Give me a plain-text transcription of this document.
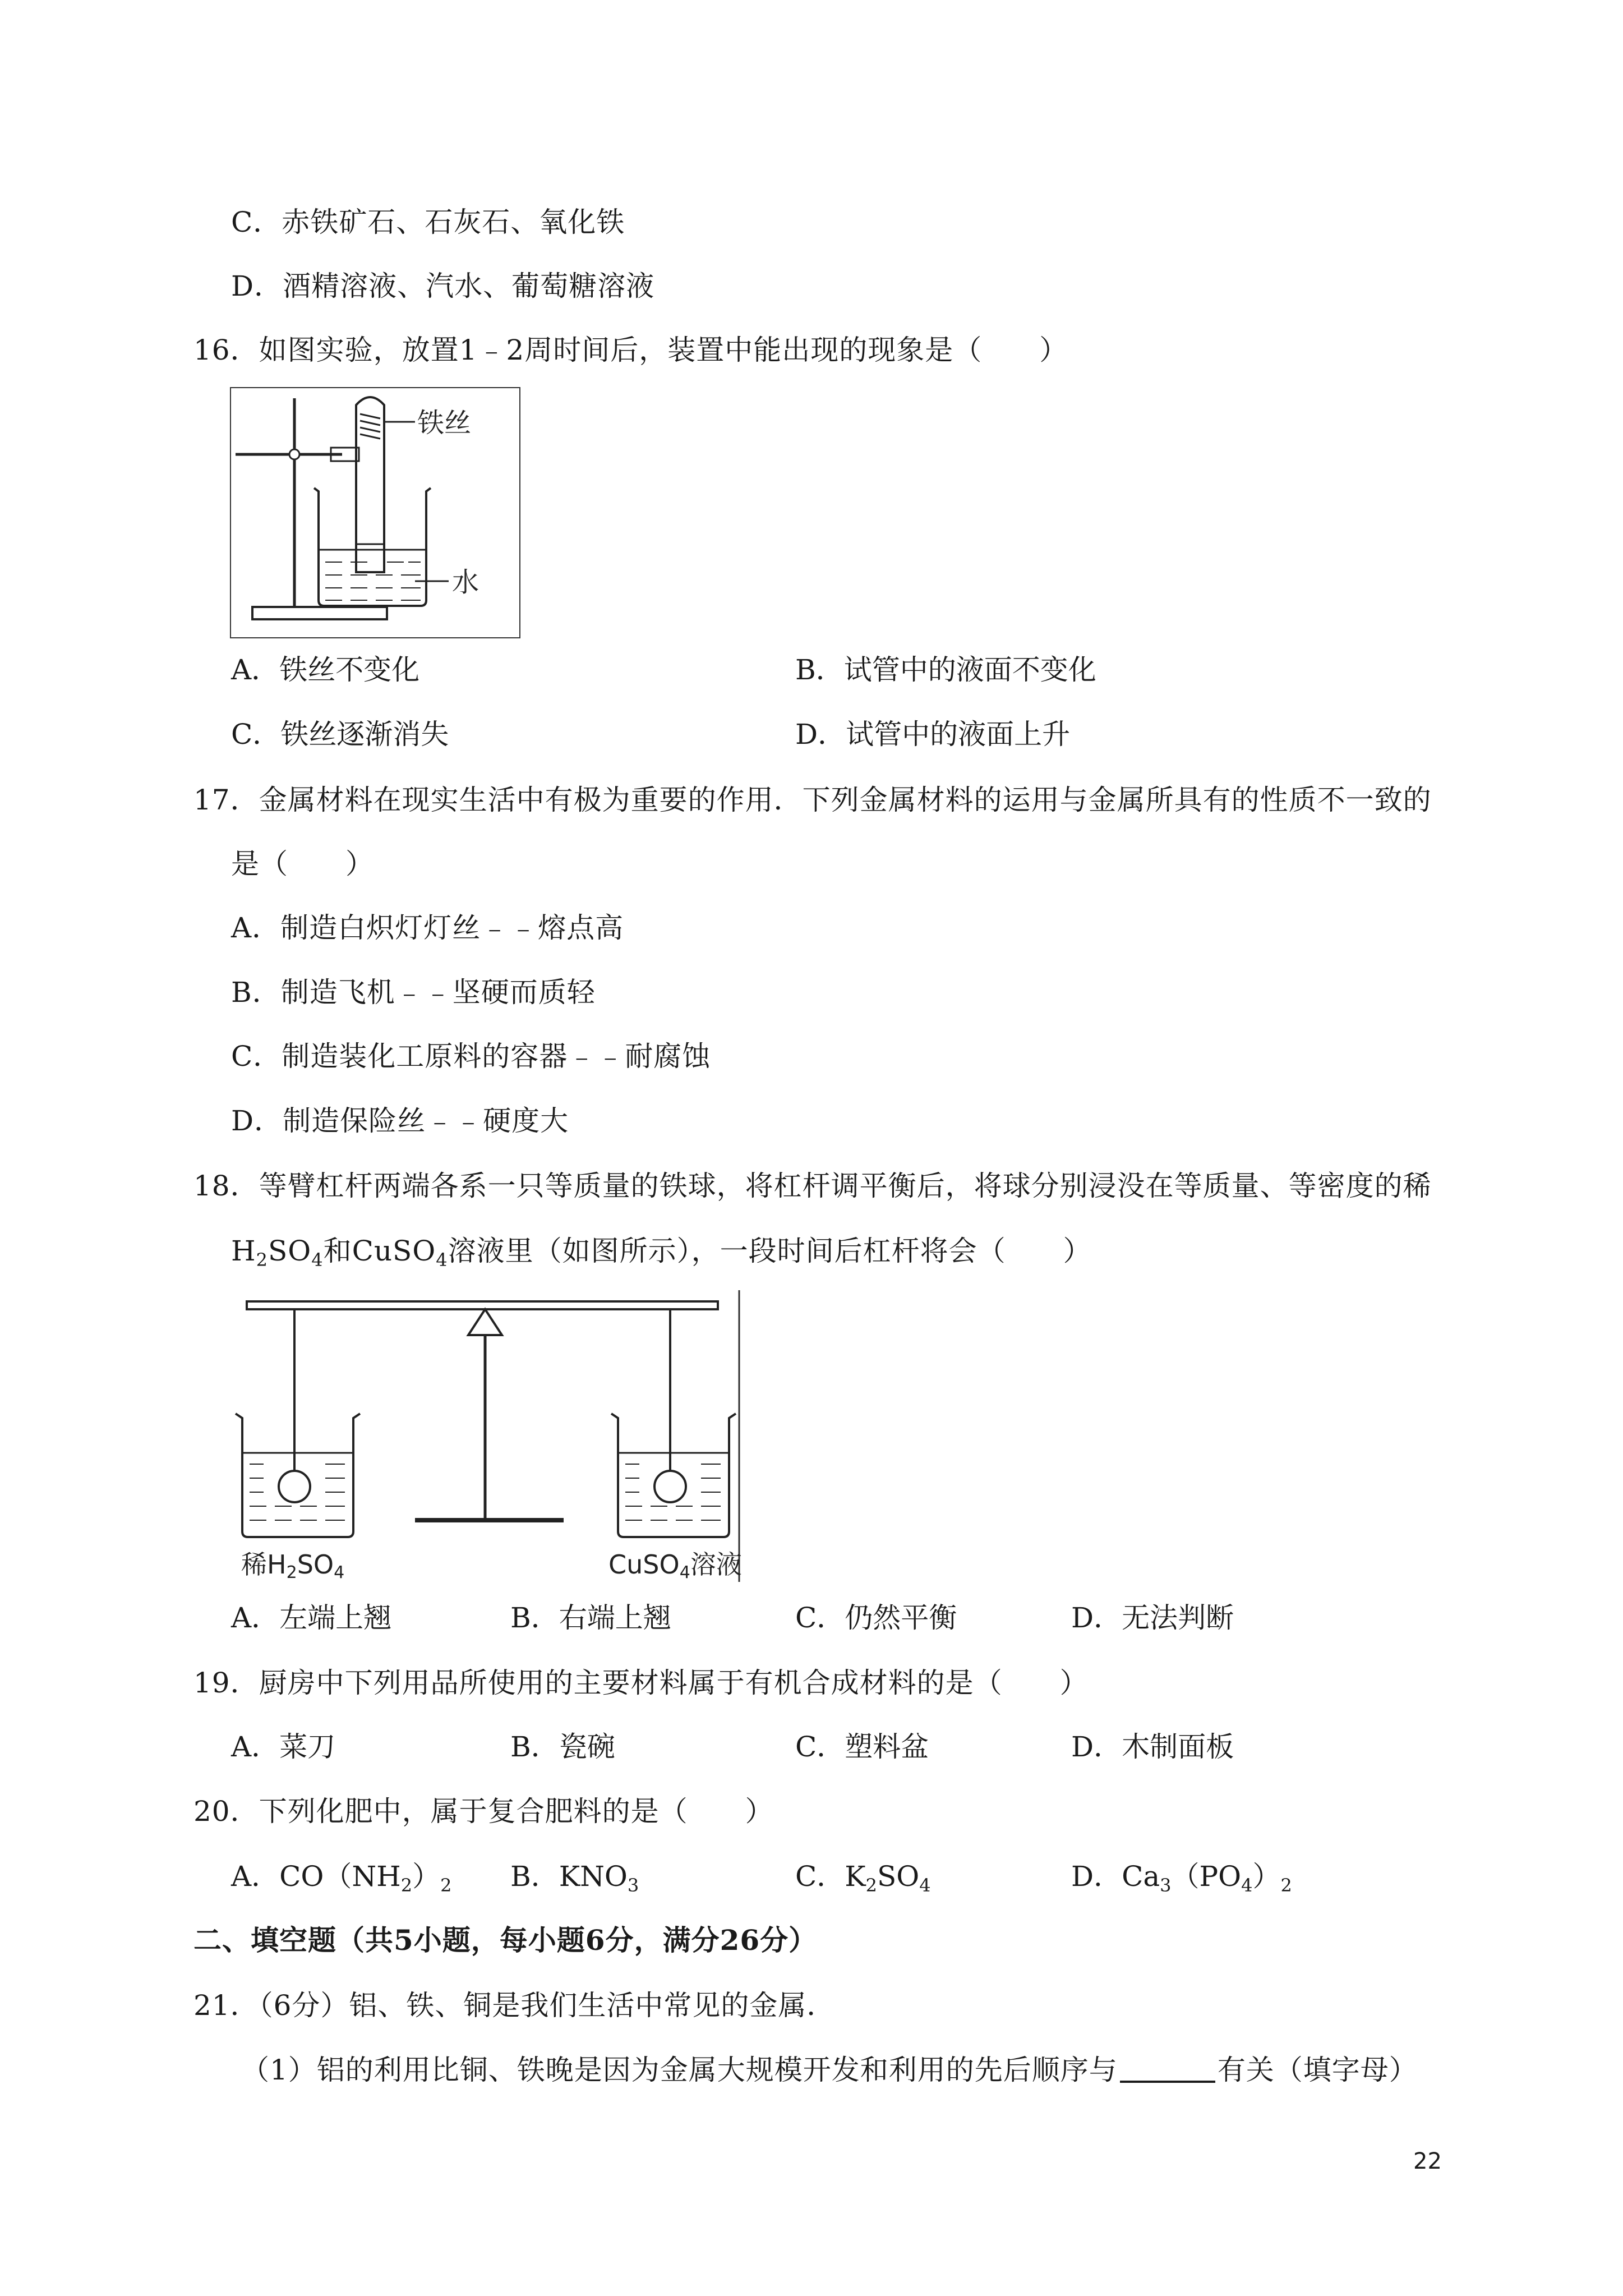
C．赤铁矿石、石灰石、氧化铁
D．酒精溶液、汽水、葡萄糖溶液
16．如图实验，放置1﹣2周时间后，装置中能出现的现象是（　　）
铁丝
水
A．铁丝不变化	B．试管中的液面不变化
C．铁丝逐渐消失	D．试管中的液面上升
17．金属材料在现实生活中有极为重要的作用．下列金属材料的运用与金属所具有的性质不一致的
是（　　）
A．制造白炽灯灯丝﹣﹣熔点高
B．制造飞机﹣﹣坚硬而质轻
C．制造装化工原料的容器﹣﹣耐腐蚀
D．制造保险丝﹣﹣硬度大
18．等臂杠杆两端各系一只等质量的铁球，将杠杆调平衡后，将球分别浸没在等质量、等密度的稀
$H_2SO_4$和CuSO$_4$溶液里（如图所示），一段时间后杠杆将会（　　）
稀H2SO4	CuSO4溶液
A．左端上翘	B．右端上翘	C．仍然平衡	D．无法判断
19．厨房中下列用品所使用的主要材料属于有机合成材料的是（　　）
A．菜刀	B．瓷碗	C．塑料盆	D．木制面板
20．下列化肥中，属于复合肥料的是（　　）
A．$CO(NH_2)_2$ B．$KNO_3$	C．$K_2SO_4$	D．$Ca_3(PO_4)_2$
二、填空题（共5小题，每小题6分，满分26分）
21．（6分）铝、铁、铜是我们生活中常见的金属．
（1）铝的利用比铜、铁晚是因为金属大规模开发和利用的先后顺序与	有关（填字母）
22
